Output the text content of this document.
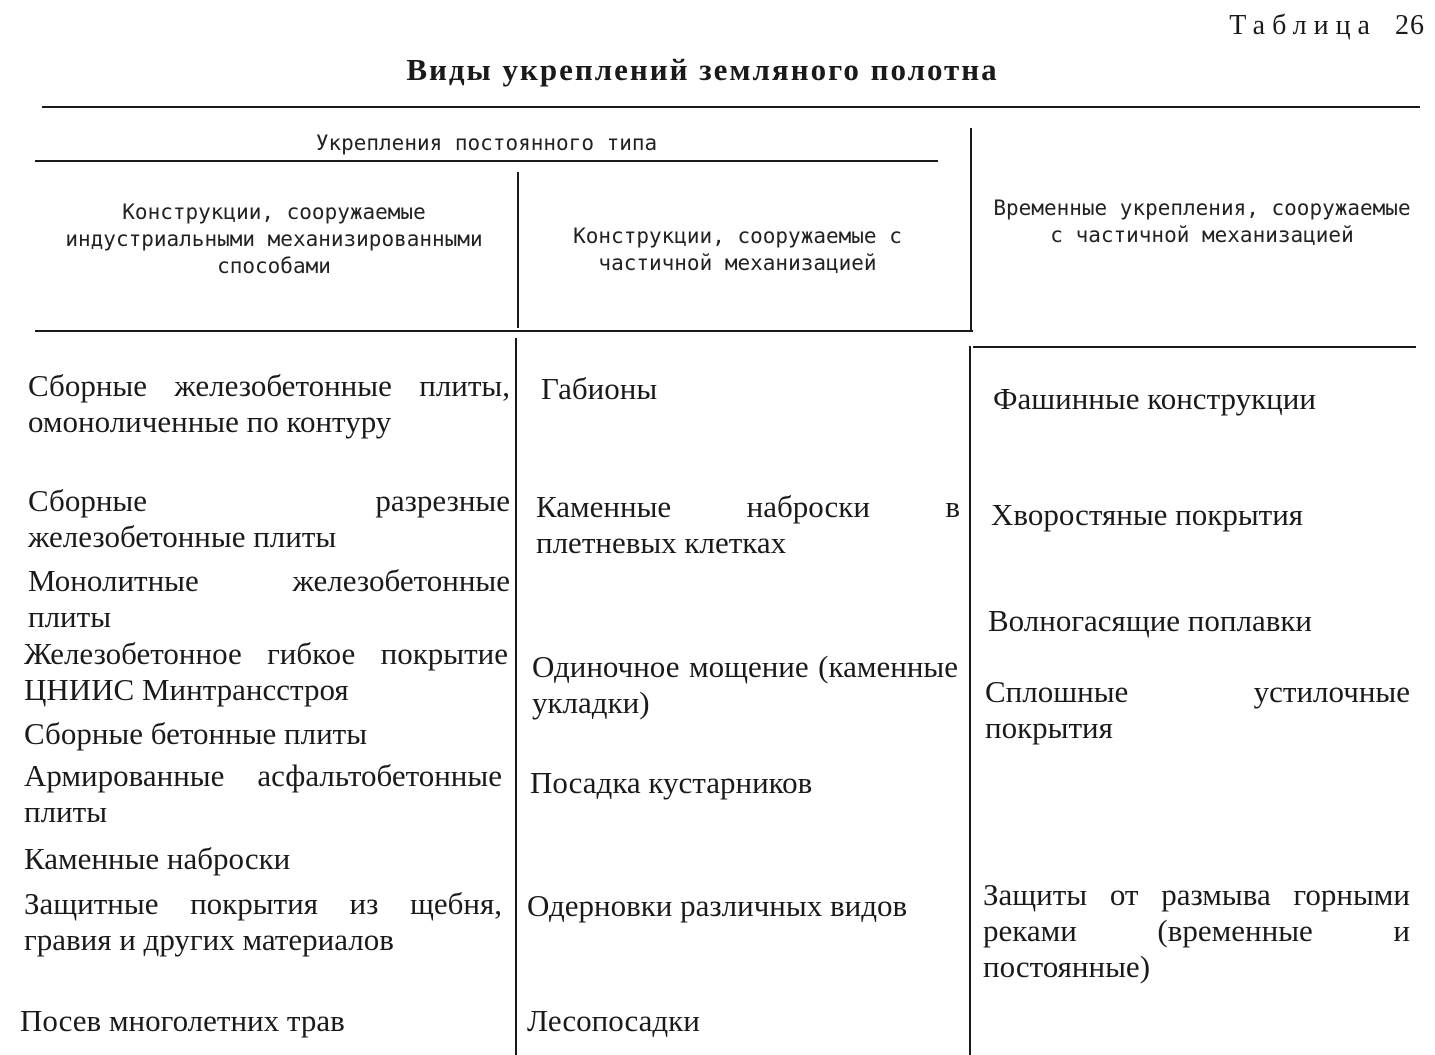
Таблица 26
Виды укреплений земляного полотна
Укрепления постоянного типа
Конструкции, сооружаемые индустриальными механизированными способами
Конструкции, сооружаемые с частичной механизацией
Временные укрепления, сооружаемые с частичной механизацией
Сборные железобетонные плиты, омоноличенные по контуру
Сборные разрезные железобетонные плиты
Монолитные железобетонные плиты
Железобетонное гибкое покрытие ЦНИИС Минтрансстроя
Сборные бетонные плиты
Армированные асфальтобетонные плиты
Каменные наброски
Защитные покрытия из щебня, гравия и других материалов
Посев многолетних трав
Габионы
Каменные наброски в плетневых клетках
Одиночное мощение (каменные укладки)
Посадка кустарников
Одерновки различных видов
Лесопосадки
Фашинные конструкции
Хворостяные покрытия
Волногасящие поплавки
Сплошные устилочные покрытия
Защиты от размыва горными реками (временные и постоянные)
